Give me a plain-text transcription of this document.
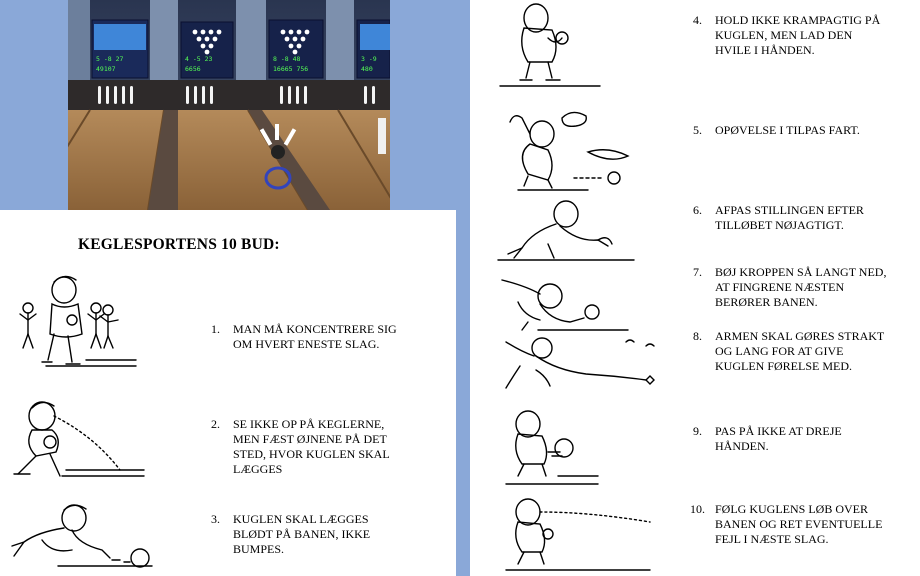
5 -8 27
49107
4 -5 23
6656
8 -8 48
16665 756
3 -9
480
KEGLESPORTENS 10 BUD:
1. MAN MÅ KONCENTRERE SIG
OM HVERT ENESTE SLAG.
2. SE IKKE OP PÅ KEGLERNE,
MEN FÆST ØJNENE PÅ DET
STED, HVOR KUGLEN SKAL
LÆGGES
3. KUGLEN SKAL LÆGGES
BLØDT PÅ BANEN, IKKE
BUMPES.
4. HOLD IKKE KRAMPAGTIG PÅ
KUGLEN, MEN LAD DEN
HVILE I HÅNDEN.
5. OPØVELSE I TILPAS FART.
6. AFPAS STILLINGEN EFTER
TILLØBET NØJAGTIGT.
7. BØJ KROPPEN SÅ LANGT NED,
AT FINGRENE NÆSTEN
BERØRER BANEN.
8. ARMEN SKAL GØRES STRAKT
OG LANG FOR AT GIVE
KUGLEN FØRELSE MED.
9. PAS PÅ IKKE AT DREJE
HÅNDEN.
10. FØLG KUGLENS LØB OVER
BANEN OG RET EVENTUELLE
FEJL I NÆSTE SLAG.
